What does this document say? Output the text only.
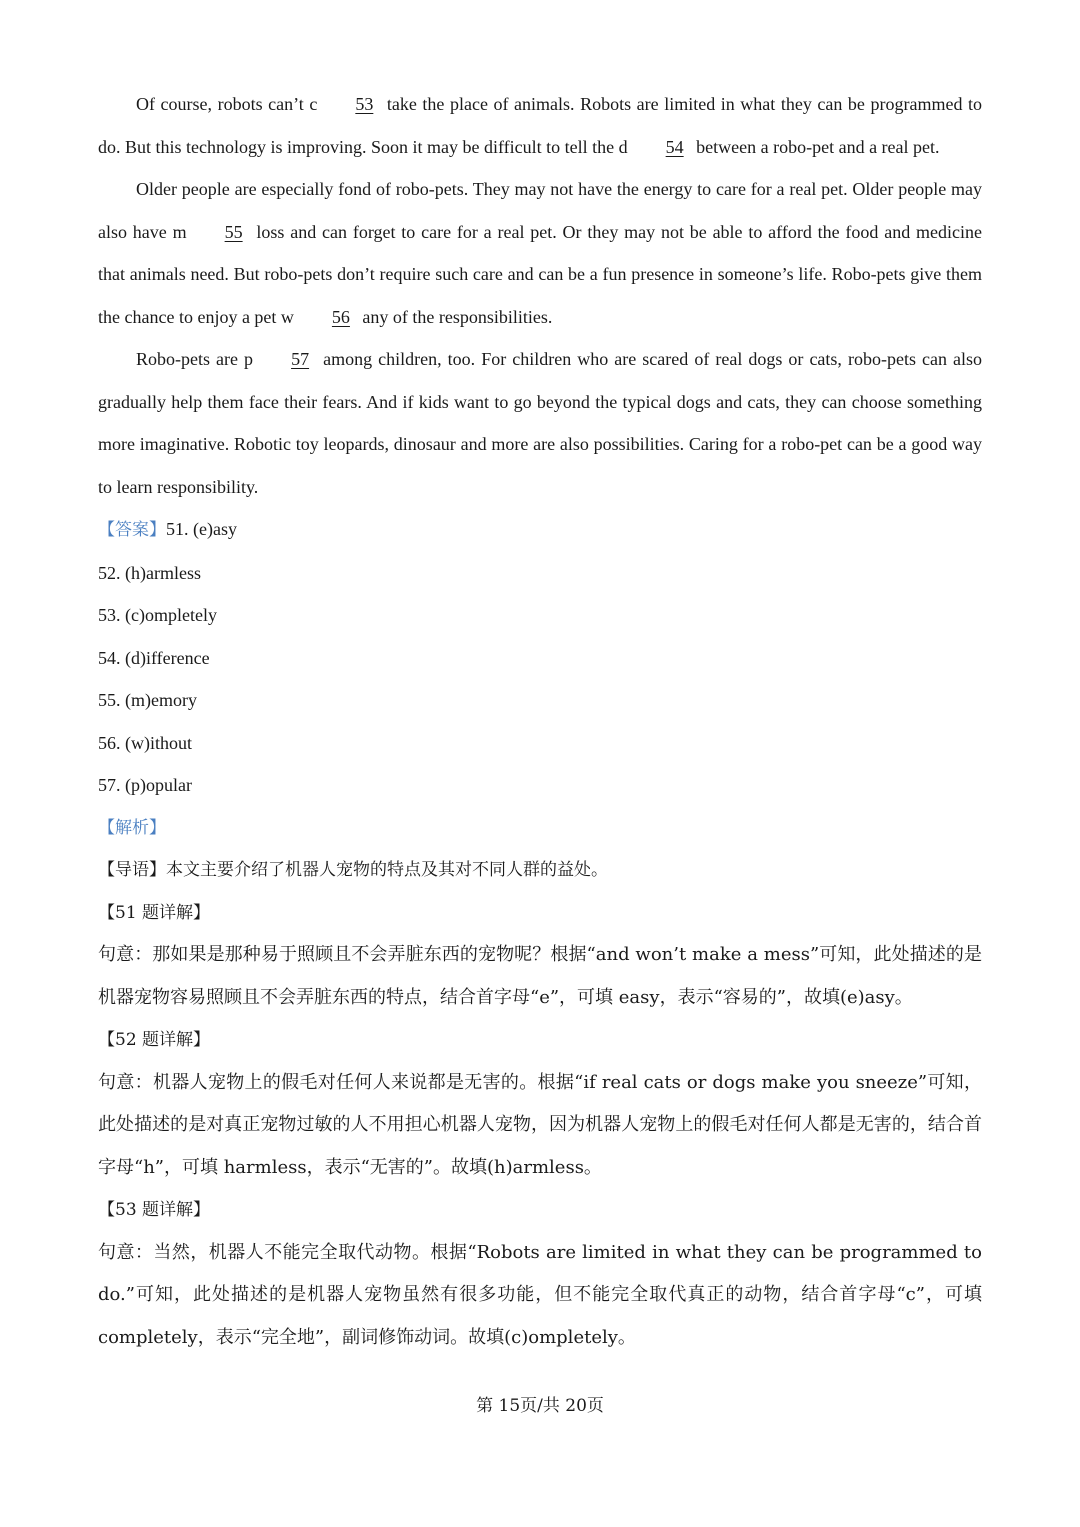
Of course, robots can’t c 53 take the place of animals. Robots are limited in what they can be programmed to do. But this technology is improving. Soon it may be difficult to tell the d 54 between a robo-pet and a real pet.

Older people are especially fond of robo-pets. They may not have the energy to care for a real pet. Older people may also have m 55 loss and can forget to care for a real pet. Or they may not be able to afford the food and medicine that animals need. But robo-pets don’t require such care and can be a fun presence in someone’s life. Robo-pets give them the chance to enjoy a pet w 56 any of the responsibilities.

Robo-pets are p 57 among children, too. For children who are scared of real dogs or cats, robo-pets can also gradually help them face their fears. And if kids want to go beyond the typical dogs and cats, they can choose something more imaginative. Robotic toy leopards, dinosaur and more are also possibilities. Caring for a robo-pet can be a good way to learn responsibility.

【答案】51. (e)asy

52. (h)armless

53. (c)ompletely

54. (d)ifference

55. (m)emory

56. (w)ithout

57. (p)opular

【解析】

【导语】本文主要介绍了机器人宠物的特点及其对不同人群的益处。

【51 题详解】

句意：那如果是那种易于照顾且不会弄脏东西的宠物呢？根据“and won’t make a mess”可知，此处描述的是机器宠物容易照顾且不会弄脏东西的特点，结合首字母“e”，可填 easy，表示“容易的”，故填(e)asy。

【52 题详解】

句意：机器人宠物上的假毛对任何人来说都是无害的。根据“if real cats or dogs make you sneeze”可知，此处描述的是对真正宠物过敏的人不用担心机器人宠物，因为机器人宠物上的假毛对任何人都是无害的，结合首字母“h”，可填 harmless，表示“无害的”。故填(h)armless。

【53 题详解】

句意：当然，机器人不能完全取代动物。根据“Robots are limited in what they can be programmed to do.”可知，此处描述的是机器人宠物虽然有很多功能，但不能完全取代真正的动物，结合首字母“c”，可填 completely，表示“完全地”，副词修饰动词。故填(c)ompletely。

第 15页/共 20页
